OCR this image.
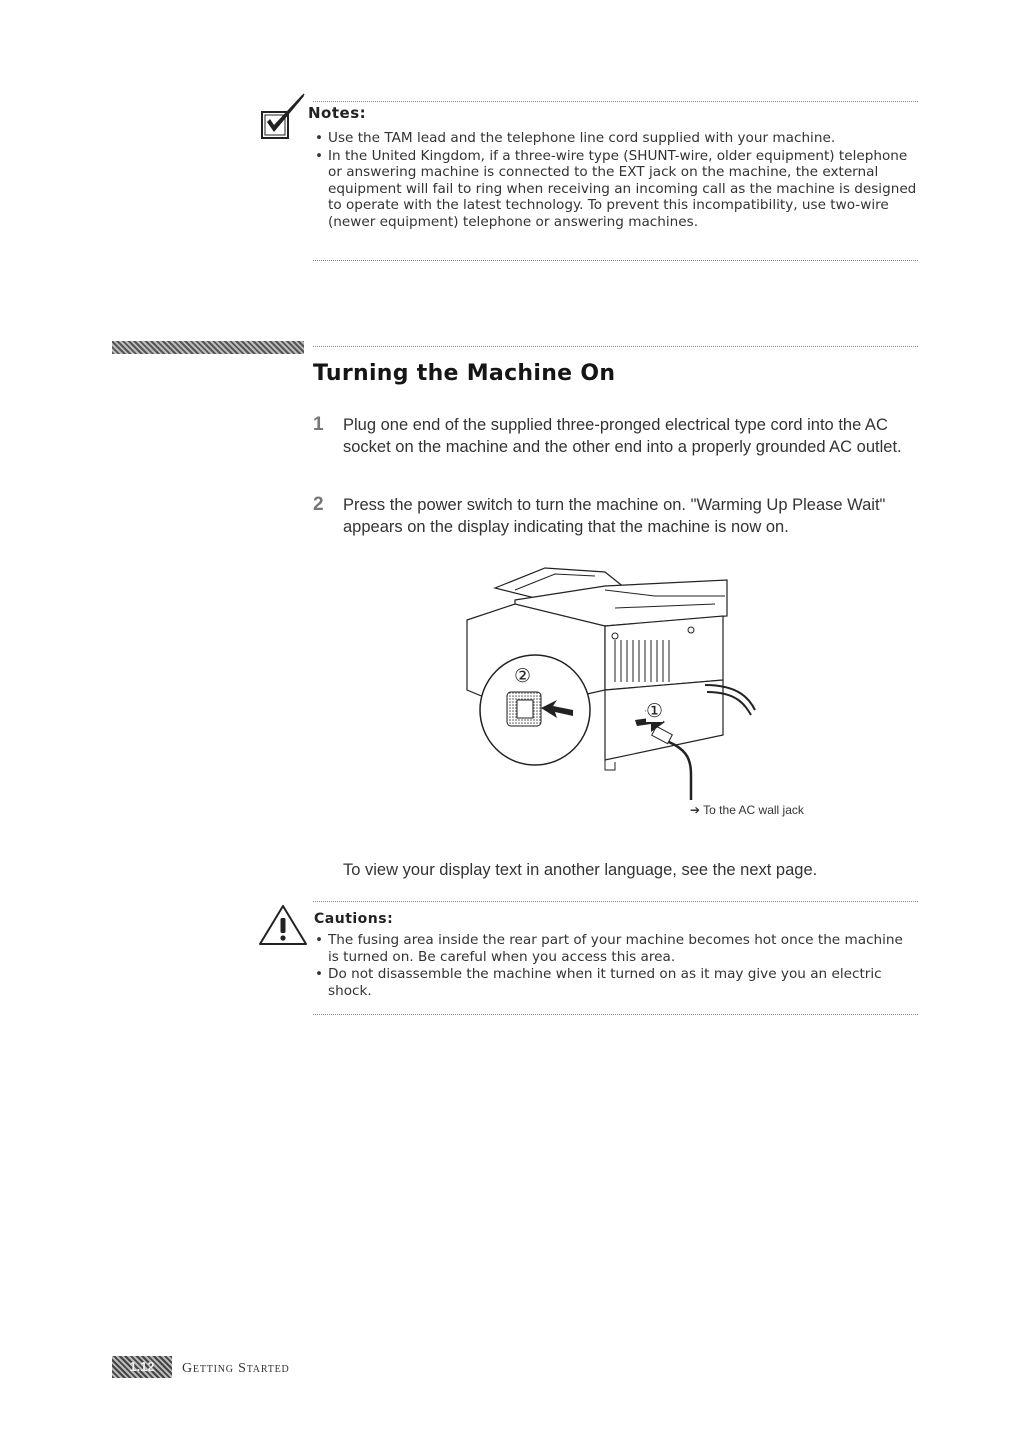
Notes:
• Use the TAM lead and the telephone line cord supplied with your machine.
• In the United Kingdom, if a three-wire type (SHUNT-wire, older equipment) telephone or answering machine is connected to the EXT jack on the machine, the external equipment will fail to ring when receiving an incoming call as the machine is designed to operate with the latest technology. To prevent this incompatibility, use two-wire (newer equipment) telephone or answering machines.
Turning the Machine On
1 Plug one end of the supplied three-pronged electrical type cord into the AC socket on the machine and the other end into a properly grounded AC outlet.
2 Press the power switch to turn the machine on. "Warming Up Please Wait" appears on the display indicating that the machine is now on.
②
①
➔ To the AC wall jack
To view your display text in another language, see the next page.
Cautions:
• The fusing area inside the rear part of your machine becomes hot once the machine is turned on. Be careful when you access this area.
• Do not disassemble the machine when it turned on as it may give you an electric shock.
1.12	Getting Started
